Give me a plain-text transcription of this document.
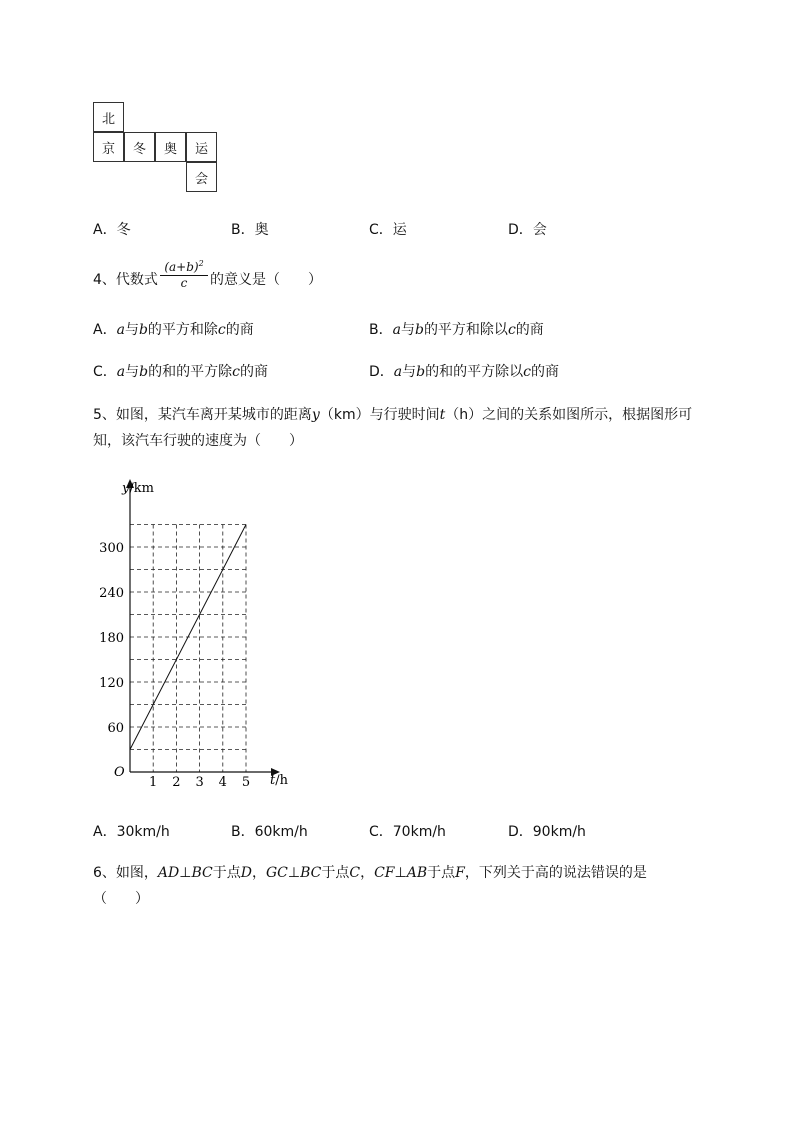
北
京	冬	奥	运
会
A．冬	B．奥	C．运	D．会
4、代数式 $\frac{(a+b)^2}{c}$ 的意义是（　　）
A．a与b的平方和除c的商	B．a与b的平方和除以c的商
C．a与b的和的平方除c的商	D．a与b的和的平方除以c的商
5、如图，某汽车离开某城市的距离y（km）与行驶时间t（h）之间的关系如图所示，根据图形可
知，该汽车行驶的速度为（　　）
y/km
t/h
O
1 2 3 4 5
60
120
180
300
240
A．30km/h	B．60km/h	C．70km/h	D．90km/h
6、如图，AD⊥BC于点D，GC⊥BC于点C，CF⊥AB于点F，下列关于高的说法错误的是
（　　）
